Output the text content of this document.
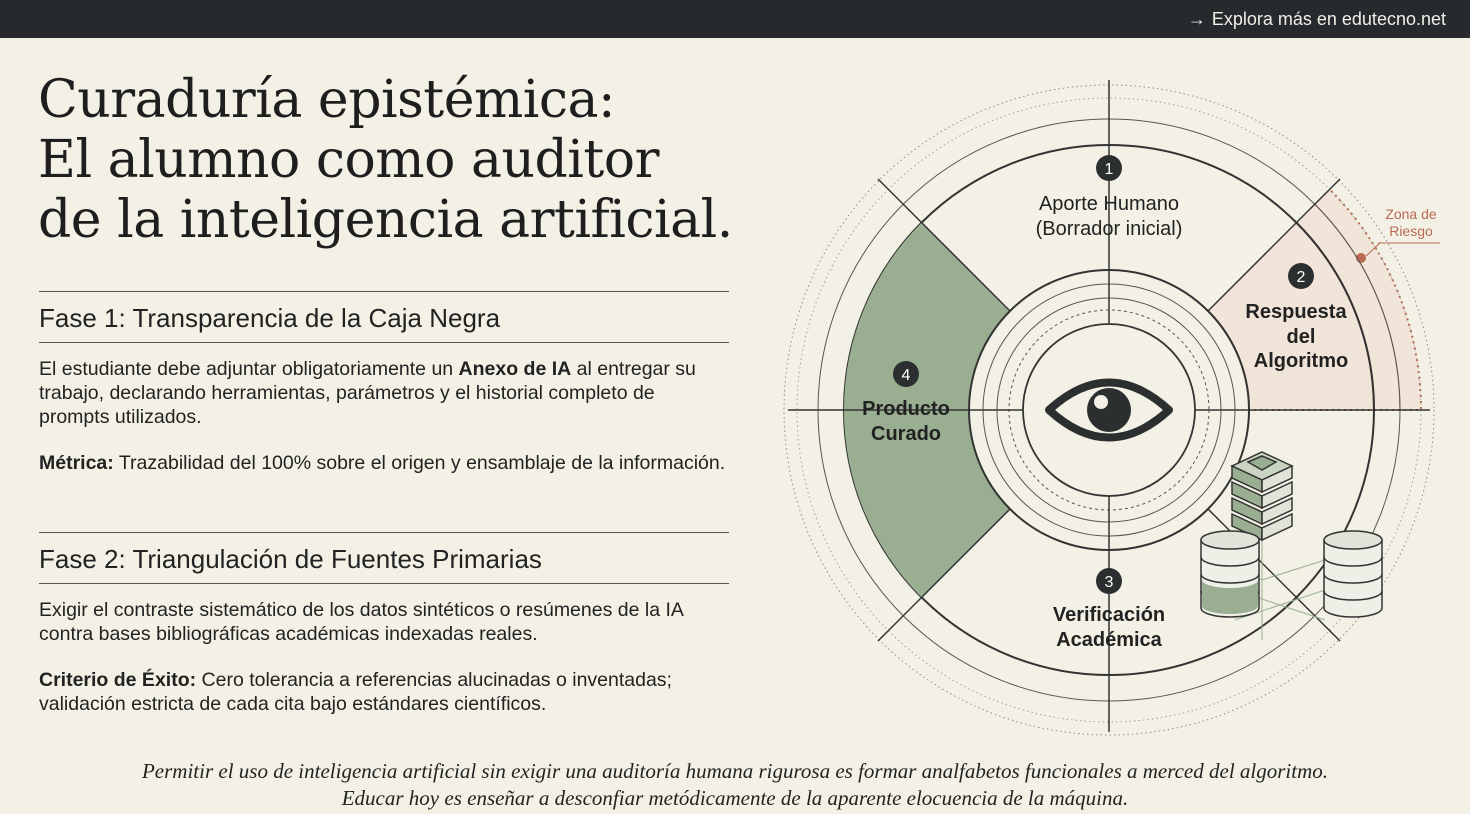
→ Explora más en edutecno.net
Curaduría epistémica:
El alumno como auditor
de la inteligencia artificial.
Fase 1: Transparencia de la Caja Negra

El estudiante debe adjuntar obligatoriamente un Anexo de IA al entregar su trabajo, declarando herramientas, parámetros y el historial completo de prompts utilizados.

Métrica: Trazabilidad del 100% sobre el origen y ensamblaje de la información.

Fase 2: Triangulación de Fuentes Primarias

Exigir el contraste sistemático de los datos sintéticos o resúmenes de la IA contra bases bibliográficas académicas indexadas reales.

Criterio de Éxito: Cero tolerancia a referencias alucinadas o inventadas; validación estricta de cada cita bajo estándares científicos.

1
Aporte Humano
(Borrador inicial)
2
Respuesta
del
Algoritmo
3
Verificación
Académica
4
Producto
Curado
Zona de
Riesgo
Permitir el uso de inteligencia artificial sin exigir una auditoría humana rigurosa es formar analfabetos funcionales a merced del algoritmo.
Educar hoy es enseñar a desconfiar metódicamente de la aparente elocuencia de la máquina.
